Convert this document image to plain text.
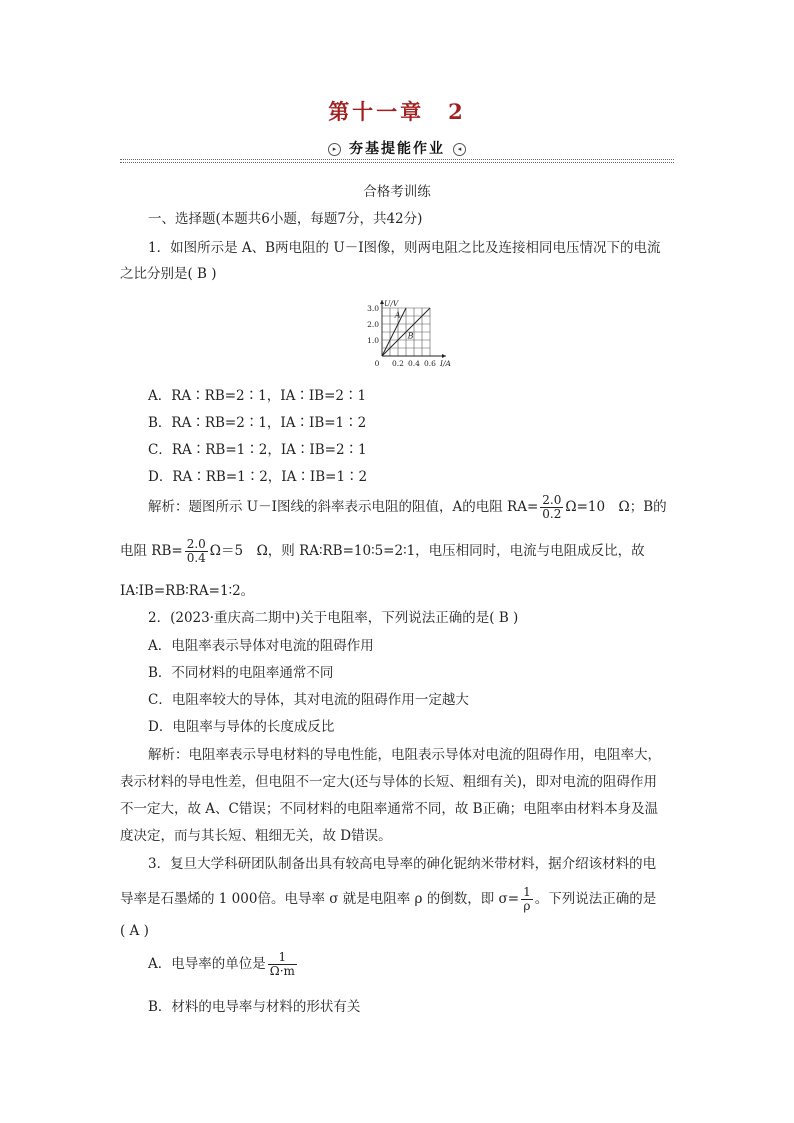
第十一章　2
▸ 夯基提能作业 ◂
合格考训练
一、选择题(本题共6小题，每题7分，共42分)
1．如图所示是 A、B两电阻的 U－I图像，则两电阻之比及连接相同电压情况下的电流
之比分别是( B )
A
B
1.0
2.0
3.0
0 0.2 0.4 0.6
U/V
I/A
A．RA∶RB=2∶1，IA∶IB=2∶1
B．RA∶RB=2∶1，IA∶IB=1∶2
C．RA∶RB=1∶2，IA∶IB=2∶1
D．RA∶RB=1∶2，IA∶IB=1∶2
解析：题图所示 U－I图线的斜率表示电阻的阻值，A的电阻 $RA= \frac{2.0}{0.2} \Omega=10$　Ω；B的
电阻 $RB= \frac{2.0}{0.4} \Omega=5$　Ω，则 RA∶RB=10∶5=2∶1，电压相同时，电流与电阻成反比，故
IA∶IB=RB∶RA=1∶2。
2．(2023·重庆高二期中)关于电阻率，下列说法正确的是( B )
A．电阻率表示导体对电流的阻碍作用
B．不同材料的电阻率通常不同
C．电阻率较大的导体，其对电流的阻碍作用一定越大
D．电阻率与导体的长度成反比
解析：电阻率表示导电材料的导电性能，电阻表示导体对电流的阻碍作用，电阻率大，
表示材料的导电性差，但电阻不一定大(还与导体的长短、粗细有关)，即对电流的阻碍作用
不一定大，故 A、C错误；不同材料的电阻率通常不同，故 B正确；电阻率由材料本身及温
度决定，而与其长短、粗细无关，故 D错误。
3．复旦大学科研团队制备出具有较高电导率的砷化铌纳米带材料，据介绍该材料的电
导率是石墨烯的 1 000倍。电导率 σ 就是电阻率 ρ 的倒数，即 $\sigma= \frac{1}{\rho}$ 。下列说法正确的是
( A )
A．电导率的单位是 $\frac{1}{\Omega\cdot m}$
B．材料的电导率与材料的形状有关
